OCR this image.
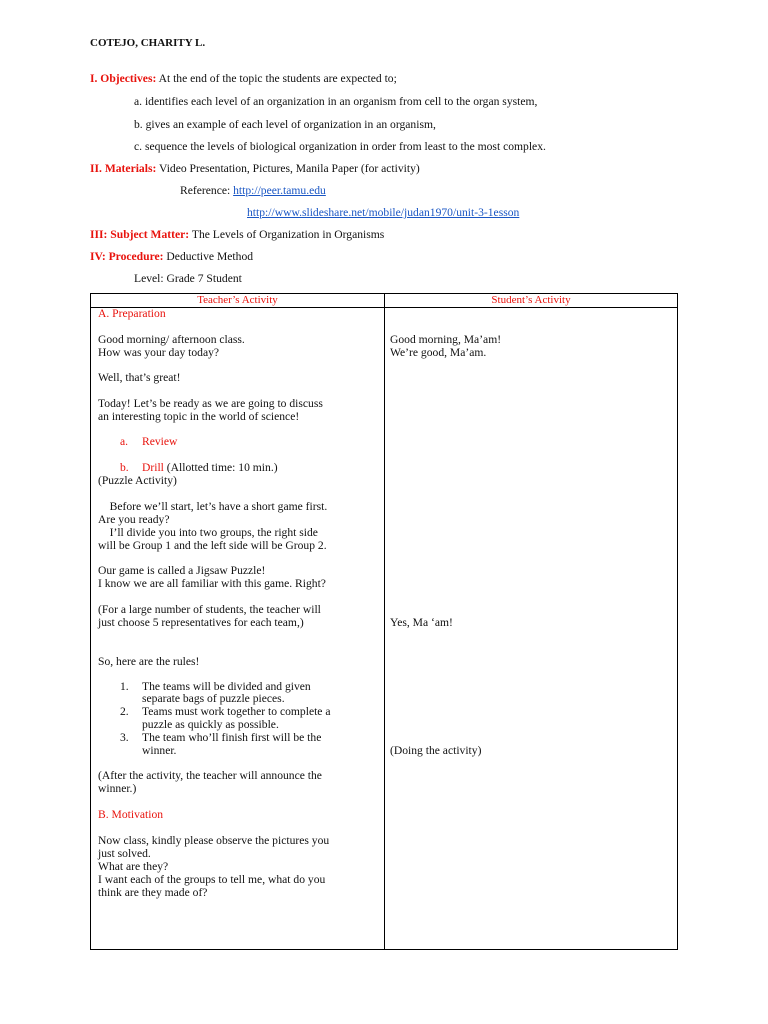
COTEJO, CHARITY L.
I. Objectives: At the end of the topic the students are expected to;
a. identifies each level of an organization in an organism from cell to the organ system,
b. gives an example of each level of organization in an organism,
c. sequence the levels of biological organization in order from least to the most complex.
II. Materials: Video Presentation, Pictures, Manila Paper (for activity)
Reference: http://peer.tamu.edu
http://www.slideshare.net/mobile/judan1970/unit-3-1esson
III: Subject Matter: The Levels of Organization in Organisms
IV: Procedure: Deductive Method
Level: Grade 7 Student
Teacher’s Activity	Student’s Activity
A. Preparation
Good morning/ afternoon class.
How was your day today?
Well, that’s great!
Today! Let’s be ready as we are going to discuss
an interesting topic in the world of science!
a. Review
b. Drill (Allotted time: 10 min.)
(Puzzle Activity)
Before we’ll start, let’s have a short game first.
Are you ready?
I’ll divide you into two groups, the right side
will be Group 1 and the left side will be Group 2.
Our game is called a Jigsaw Puzzle!
I know we are all familiar with this game. Right?
(For a large number of students, the teacher will
just choose 5 representatives for each team,)
So, here are the rules!
1. The teams will be divided and given
separate bags of puzzle pieces.
2. Teams must work together to complete a
puzzle as quickly as possible.
3. The team who’ll finish first will be the
winner.
(After the activity, the teacher will announce the
winner.)
B. Motivation
Now class, kindly please observe the pictures you
just solved.
What are they?
I want each of the groups to tell me, what do you
think are they made of?
Good morning, Ma’am!
We’re good, Ma’am.
Yes, Ma ‘am!
(Doing the activity)
